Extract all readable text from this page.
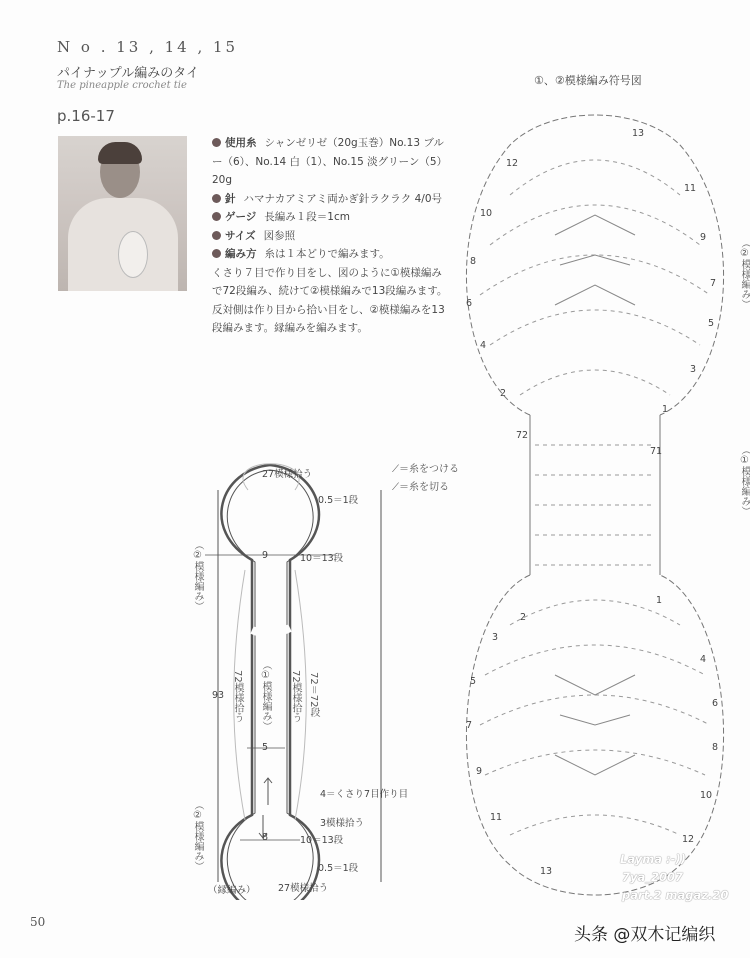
N o . 13 , 14 , 15
パイナップル編みのタイ
The pineapple crochet tie
p.16-17
使用糸 シャンゼリゼ（20g玉巻）No.13 ブルー（6）、No.14 白（1）、No.15 淡グリーン（5）20g
針 ハマナカアミアミ両かぎ針ラクラク 4/0号
ゲージ 長編み１段＝1cm
サイズ 図参照
編み方 糸は１本どりで編みます。
くさり７目で作り目をし、図のように①模様編みで72段編み、続けて②模様編みで13段編みます。反対側は作り目から拾い目をし、②模様編みを13段編みます。縁編みを編みます。
⟋＝糸をつける
⟋＝糸を切る
27模様拾う
0.5＝1段
10＝13段
9
（②模様編み）
93 72模様拾う （①模様編み） 72模様拾う 72＝72段
5
4＝くさり7目作り目
3模様拾う
8	10＝13段
0.5＝1段
（②模様編み）
（縁編み） 27模様拾う
①、②模様編み符号図
13
12
11
10
9
8
7
6
5
4
3
2
1
72
71
1
2
3
4
5
6
7
8
9
10
11
12
13
（②模様編み）
（①模様編み）
50
Layma :-))
7ya_2007
part.2 magaz.20
头条 @双木记编织
